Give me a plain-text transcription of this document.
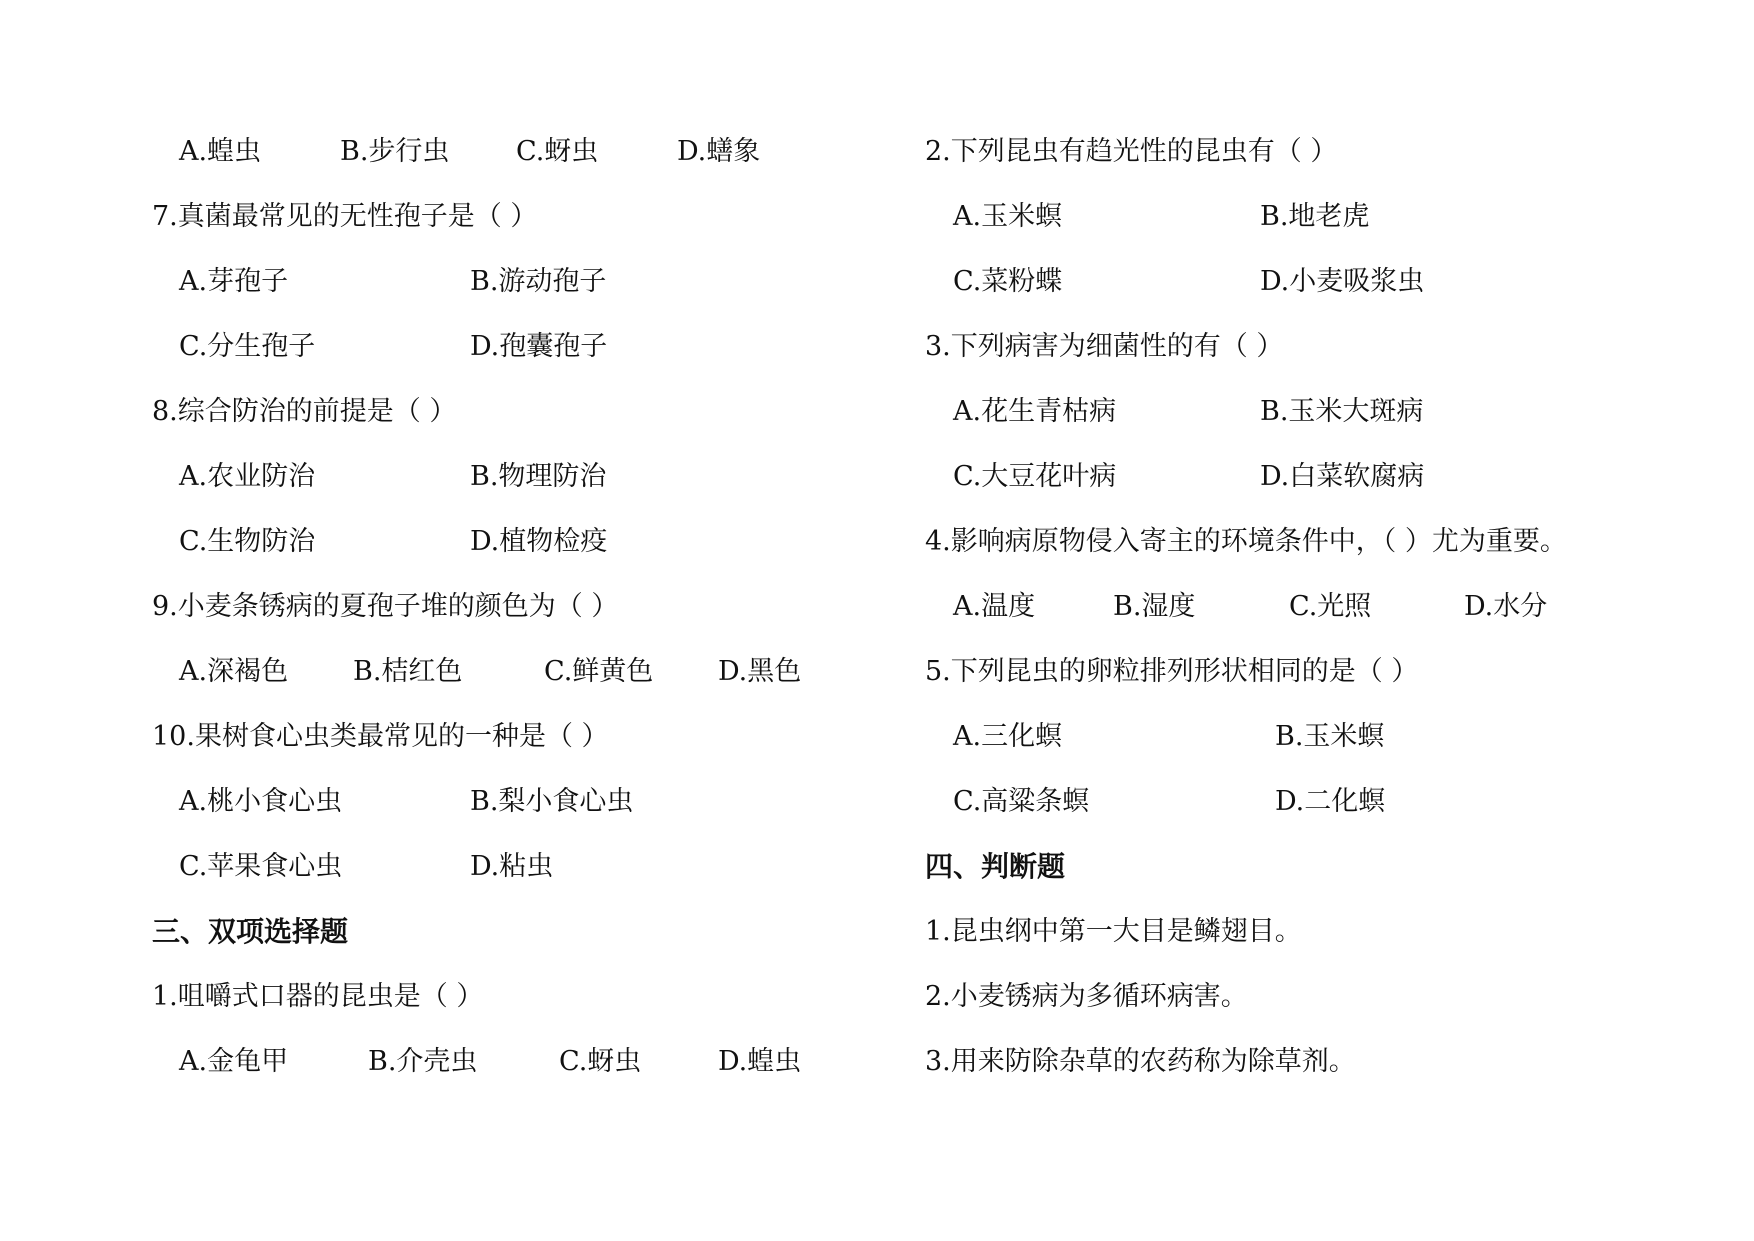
A.蝗虫	B.步行虫 C.蚜虫	D.蟮象
7.真菌最常见的无性孢子是（ ）
A.芽孢子	B.游动孢子
C.分生孢子	D.孢囊孢子
8.综合防治的前提是（ ）
A.农业防治	B.物理防治
C.生物防治	D.植物检疫
9.小麦条锈病的夏孢子堆的颜色为（ ）
A.深褐色 B.桔红色	C.鲜黄色 D.黑色
10.果树食心虫类最常见的一种是（ ）
A.桃小食心虫	B.梨小食心虫
C.苹果食心虫	D.粘虫
三、双项选择题
1.咀嚼式口器的昆虫是（ ）
A.金龟甲	B.介壳虫	C.蚜虫	D.蝗虫
2.下列昆虫有趋光性的昆虫有（ ）
A.玉米螟	B.地老虎
C.菜粉蝶	D.小麦吸浆虫
3.下列病害为细菌性的有（ ）
A.花生青枯病	B.玉米大斑病
C.大豆花叶病	D.白菜软腐病
4.影响病原物侵入寄主的环境条件中，（ ）尤为重要。
A.温度	B.湿度	C.光照	D.水分
5.下列昆虫的卵粒排列形状相同的是（ ）
A.三化螟	B.玉米螟
C.高粱条螟	D.二化螟
四、判断题
1.昆虫纲中第一大目是鳞翅目。
2.小麦锈病为多循环病害。
3.用来防除杂草的农药称为除草剂。
